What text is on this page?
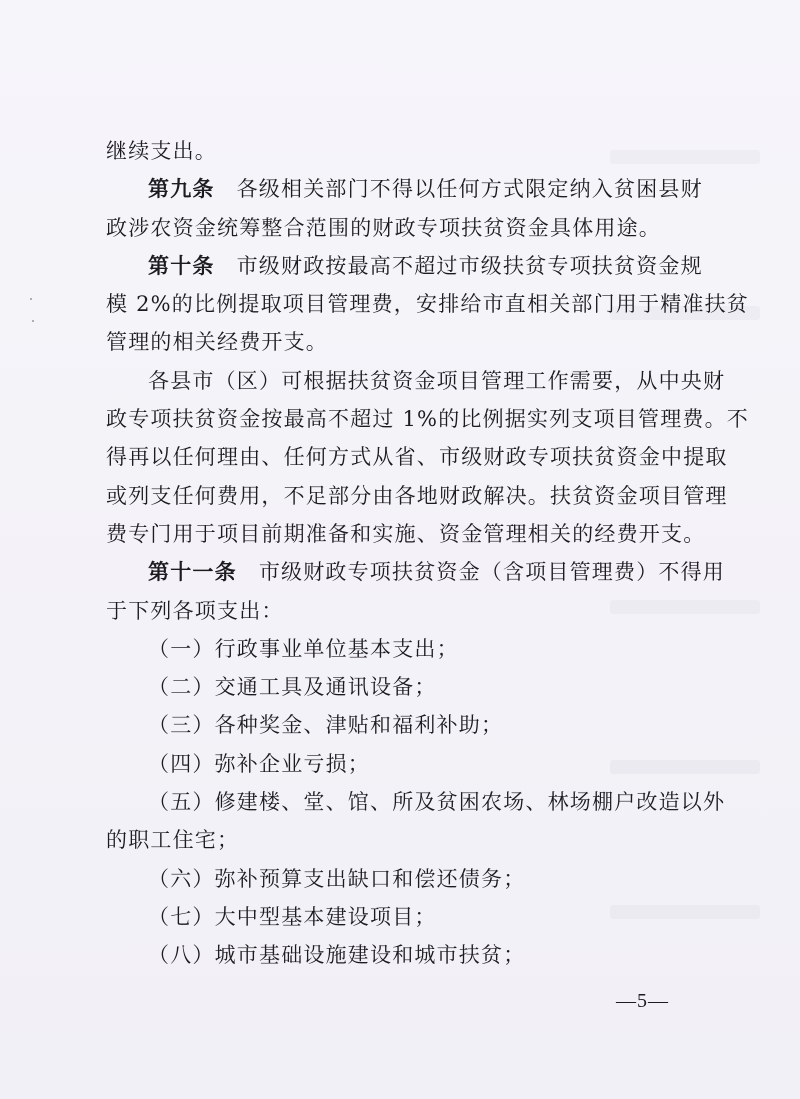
继续支出。
第九条 各级相关部门不得以任何方式限定纳入贫困县财
政涉农资金统筹整合范围的财政专项扶贫资金具体用途。
第十条 市级财政按最高不超过市级扶贫专项扶贫资金规
模 2%的比例提取项目管理费，安排给市直相关部门用于精准扶贫
管理的相关经费开支。
各县市（区）可根据扶贫资金项目管理工作需要，从中央财
政专项扶贫资金按最高不超过 1%的比例据实列支项目管理费。不
得再以任何理由、任何方式从省、市级财政专项扶贫资金中提取
或列支任何费用，不足部分由各地财政解决。扶贫资金项目管理
费专门用于项目前期准备和实施、资金管理相关的经费开支。
第十一条 市级财政专项扶贫资金（含项目管理费）不得用
于下列各项支出：
（一）行政事业单位基本支出；
（二）交通工具及通讯设备；
（三）各种奖金、津贴和福利补助；
（四）弥补企业亏损；
（五）修建楼、堂、馆、所及贫困农场、林场棚户改造以外
的职工住宅；
（六）弥补预算支出缺口和偿还债务；
（七）大中型基本建设项目；
（八）城市基础设施建设和城市扶贫；
—5—
